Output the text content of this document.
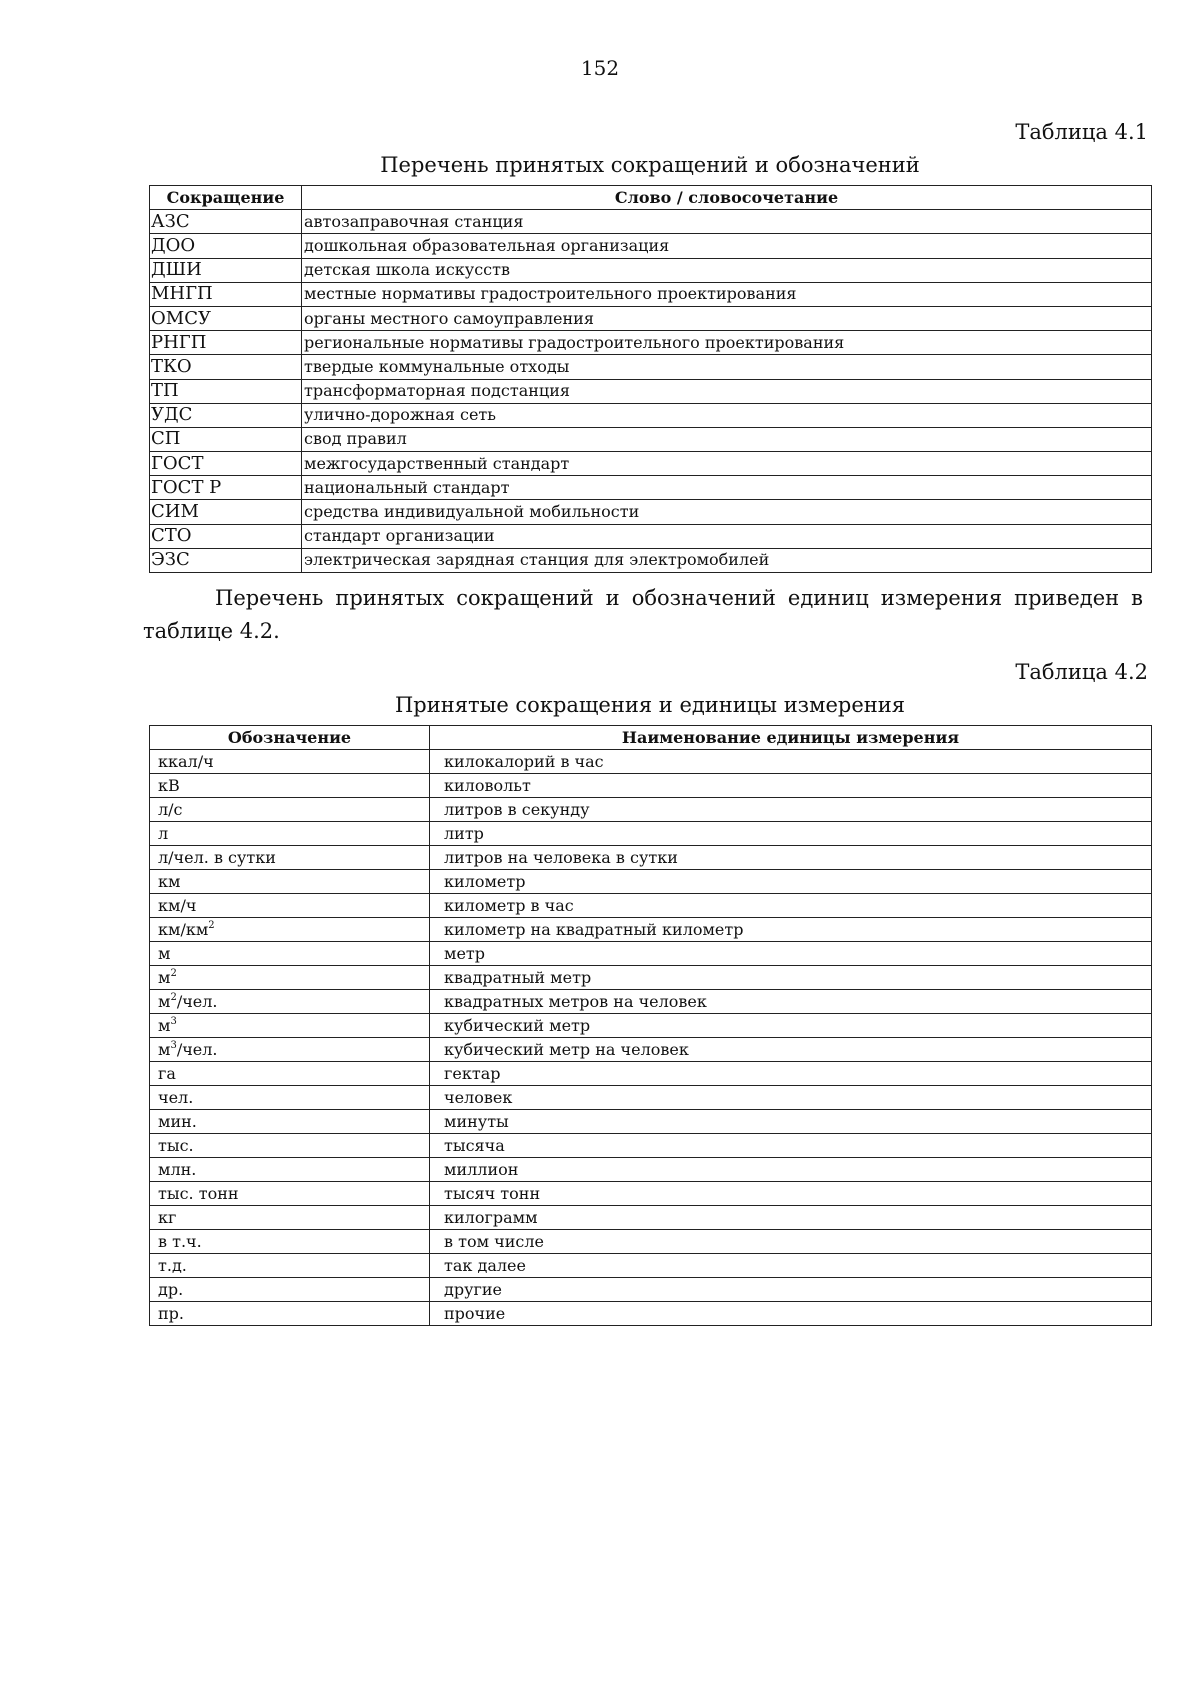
152
Таблица 4.1
Перечень принятых сокращений и обозначений
Сокращение	Слово / словосочетание
АЗС	автозаправочная станция
ДОО	дошкольная образовательная организация
ДШИ	детская школа искусств
МНГП	местные нормативы градостроительного проектирования
ОМСУ	органы местного самоуправления
РНГП	региональные нормативы градостроительного проектирования
ТКО	твердые коммунальные отходы
ТП	трансформаторная подстанция
УДС	улично-дорожная сеть
СП	свод правил
ГОСТ	межгосударственный стандарт
ГОСТ Р	национальный стандарт
СИМ	средства индивидуальной мобильности
СТО	стандарт организации
ЭЗС	электрическая зарядная станция для электромобилей
Перечень принятых сокращений и обозначений единиц измерения приведен в
таблице 4.2.
Таблица 4.2
Принятые сокращения и единицы измерения
Обозначение	Наименование единицы измерения
ккал/ч	килокалорий в час
кВ	киловольт
л/с	литров в секунду
л	литр
л/чел. в сутки	литров на человека в сутки
км	километр
км/ч	километр в час
$км/км^2$	километр на квадратный километр
м	метр
$м^2$	квадратный метр
$м^2$/чел.	квадратных метров на человек
$м^3$	кубический метр
$м^3$/чел.	кубический метр на человек
га	гектар
чел.	человек
мин.	минуты
тыс.	тысяча
млн.	миллион
тыс. тонн	тысяч тонн
кг	килограмм
в т.ч.	в том числе
т.д.	так далее
др.	другие
пр.	прочие
